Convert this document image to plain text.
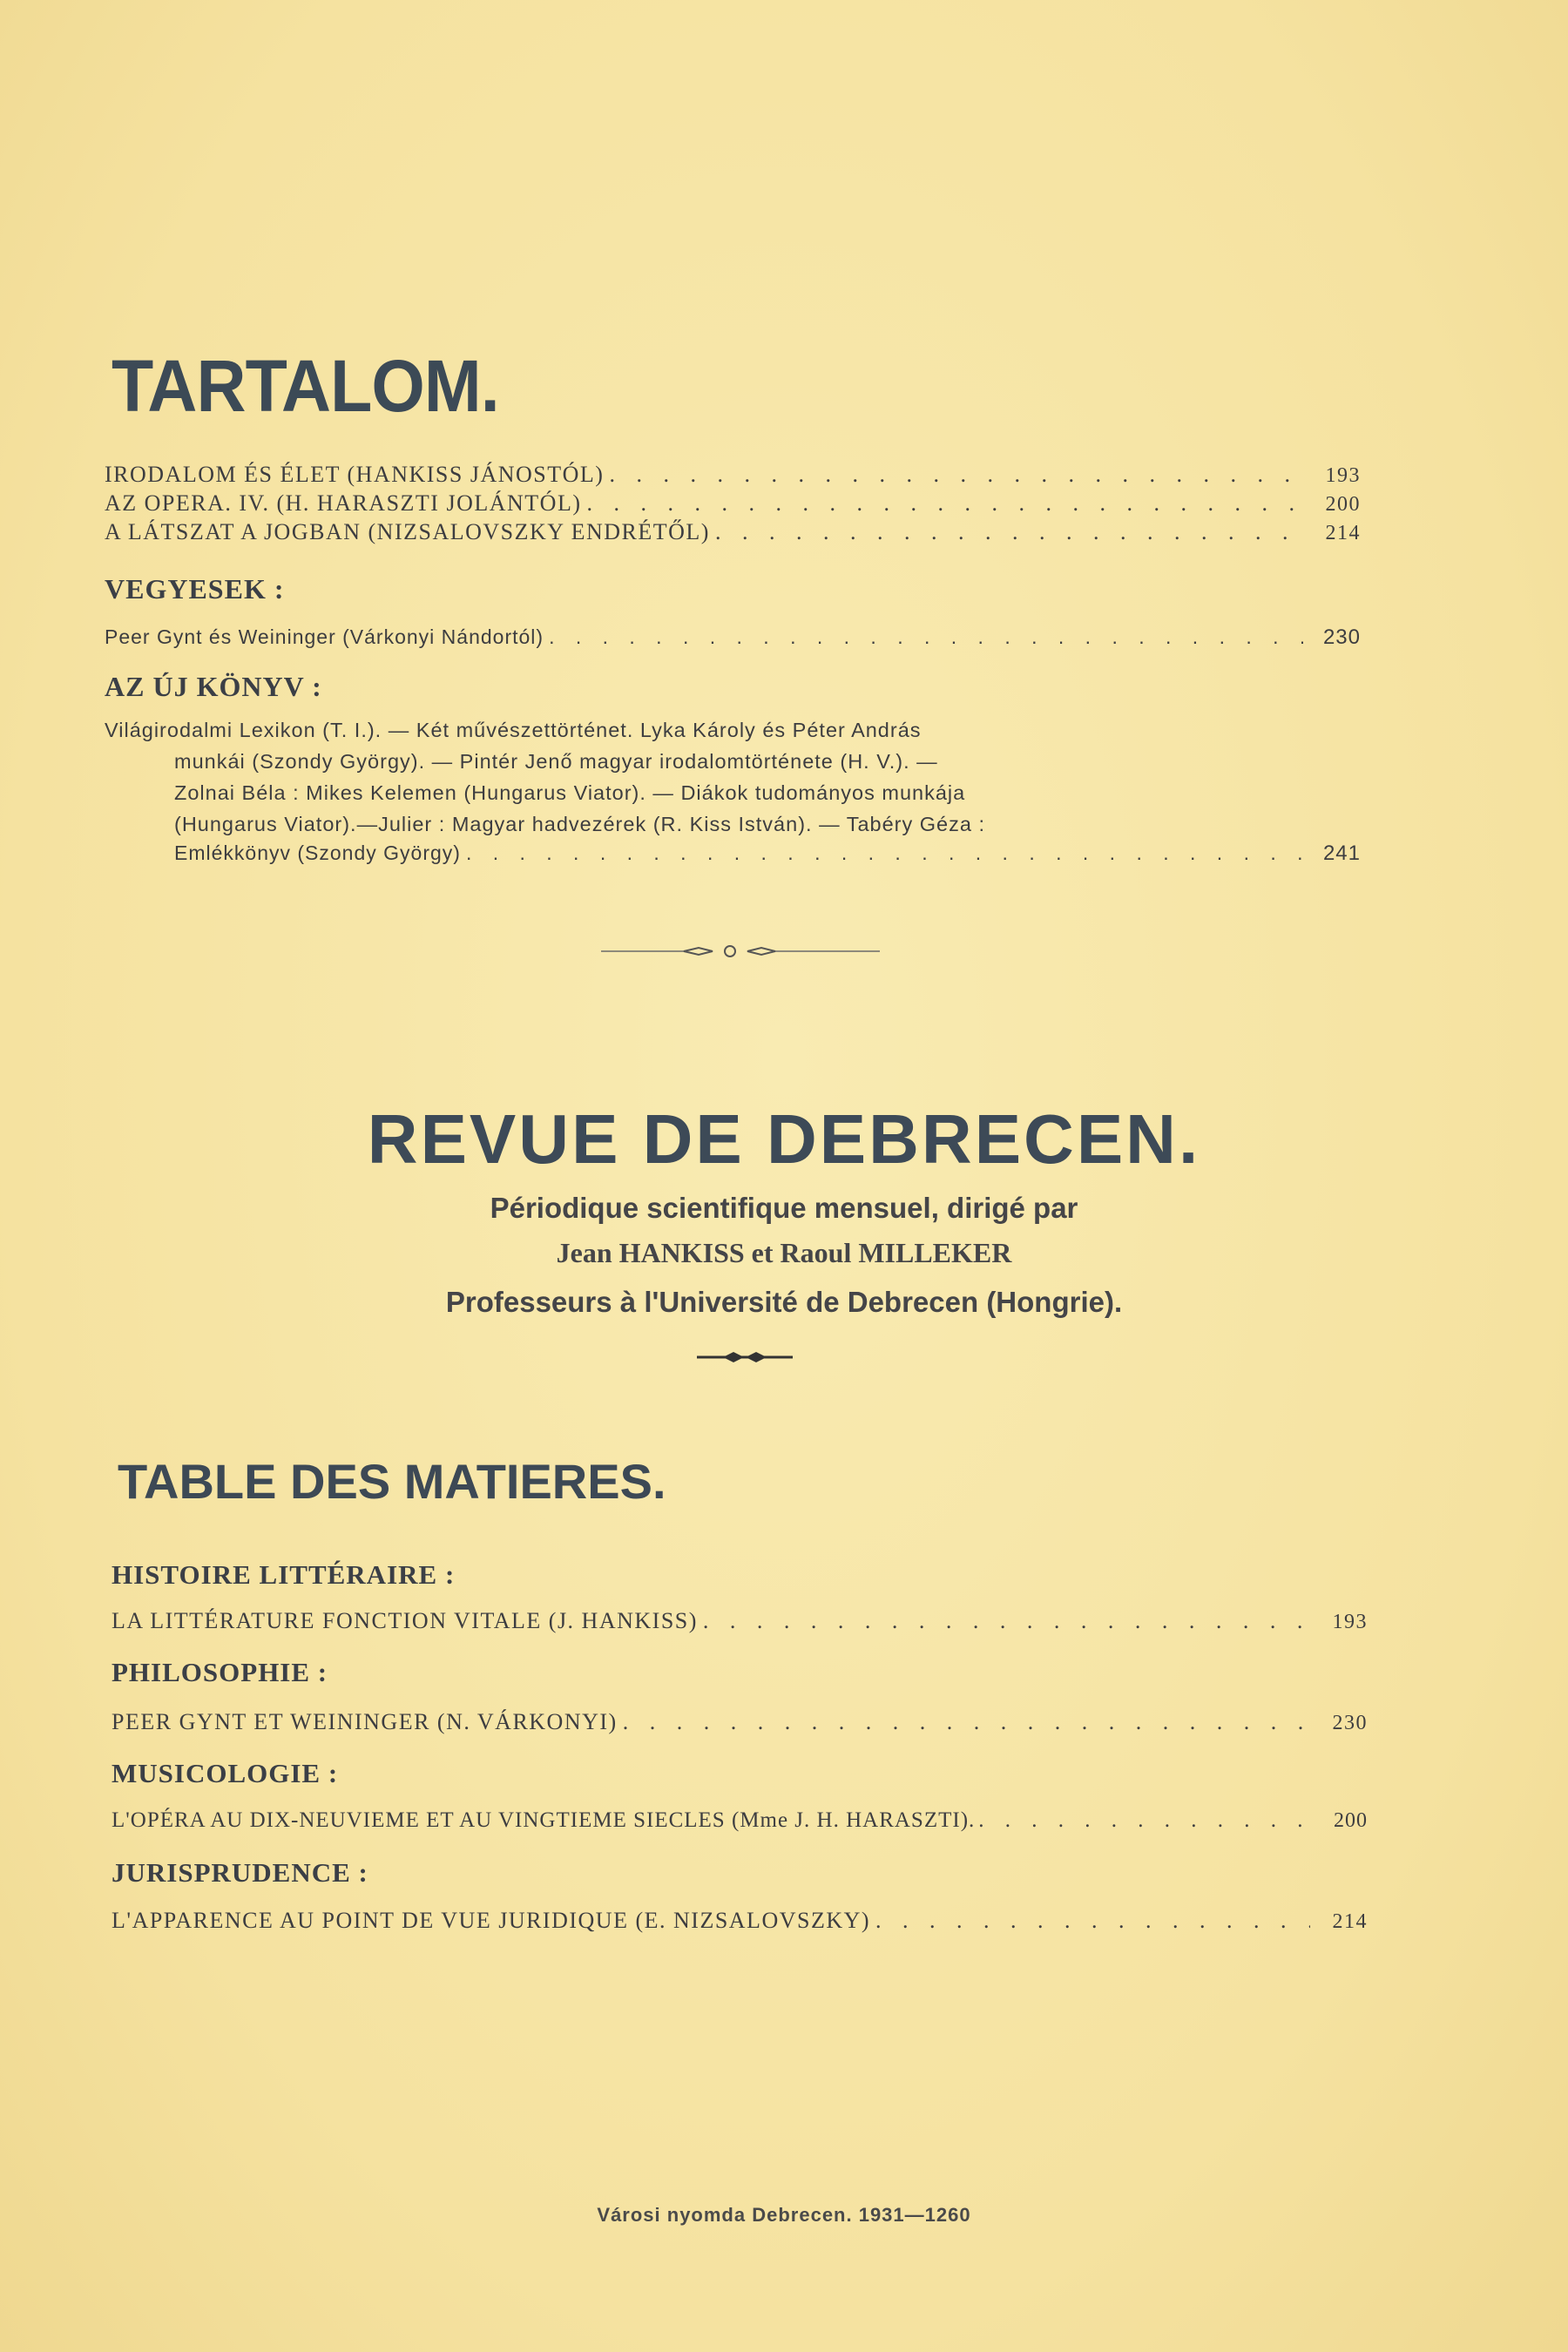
TARTALOM.
IRODALOM ÉS ÉLET (HANKISS JÁNOSTÓL) . . .	193
AZ OPERA. IV. (H. HARASZTI JOLÁNTÓL) . . .	200
A LÁTSZAT A JOGBAN (NIZSALOVSZKY ENDRÉTŐL) . . .	214
VEGYESEK :
Peer Gynt és Weininger (Várkonyi Nándortól) . . .	230
AZ ÚJ KÖNYV :
Világirodalmi Lexikon (T. I.). — Két művészettörténet. Lyka Károly és Péter András
munkái (Szondy György). — Pintér Jenő magyar irodalomtörténete (H. V.). —
Zolnai Béla : Mikes Kelemen (Hungarus Viator). — Diákok tudományos munkája
(Hungarus Viator).—Julier : Magyar hadvezérek (R. Kiss István). — Tabéry Géza :
Emlékkönyv (Szondy György) . . .	241
REVUE DE DEBRECEN.
Périodique scientifique mensuel, dirigé par
Jean HANKISS et Raoul MILLEKER
Professeurs à l'Université de Debrecen (Hongrie).
TABLE DES MATIERES.
HISTOIRE LITTÉRAIRE :
LA LITTÉRATURE FONCTION VITALE (J. HANKISS) . . .	193
PHILOSOPHIE :
PEER GYNT ET WEININGER (N. VÁRKONYI) . . .	230
MUSICOLOGIE :
L'OPÉRA AU DIX-NEUVIEME ET AU VINGTIEME SIECLES (Mme J. H. HARASZTI). . . .	200
JURISPRUDENCE :
L'APPARENCE AU POINT DE VUE JURIDIQUE (E. NIZSALOVSZKY) . . .	214
Városi nyomda Debrecen. 1931—1260
